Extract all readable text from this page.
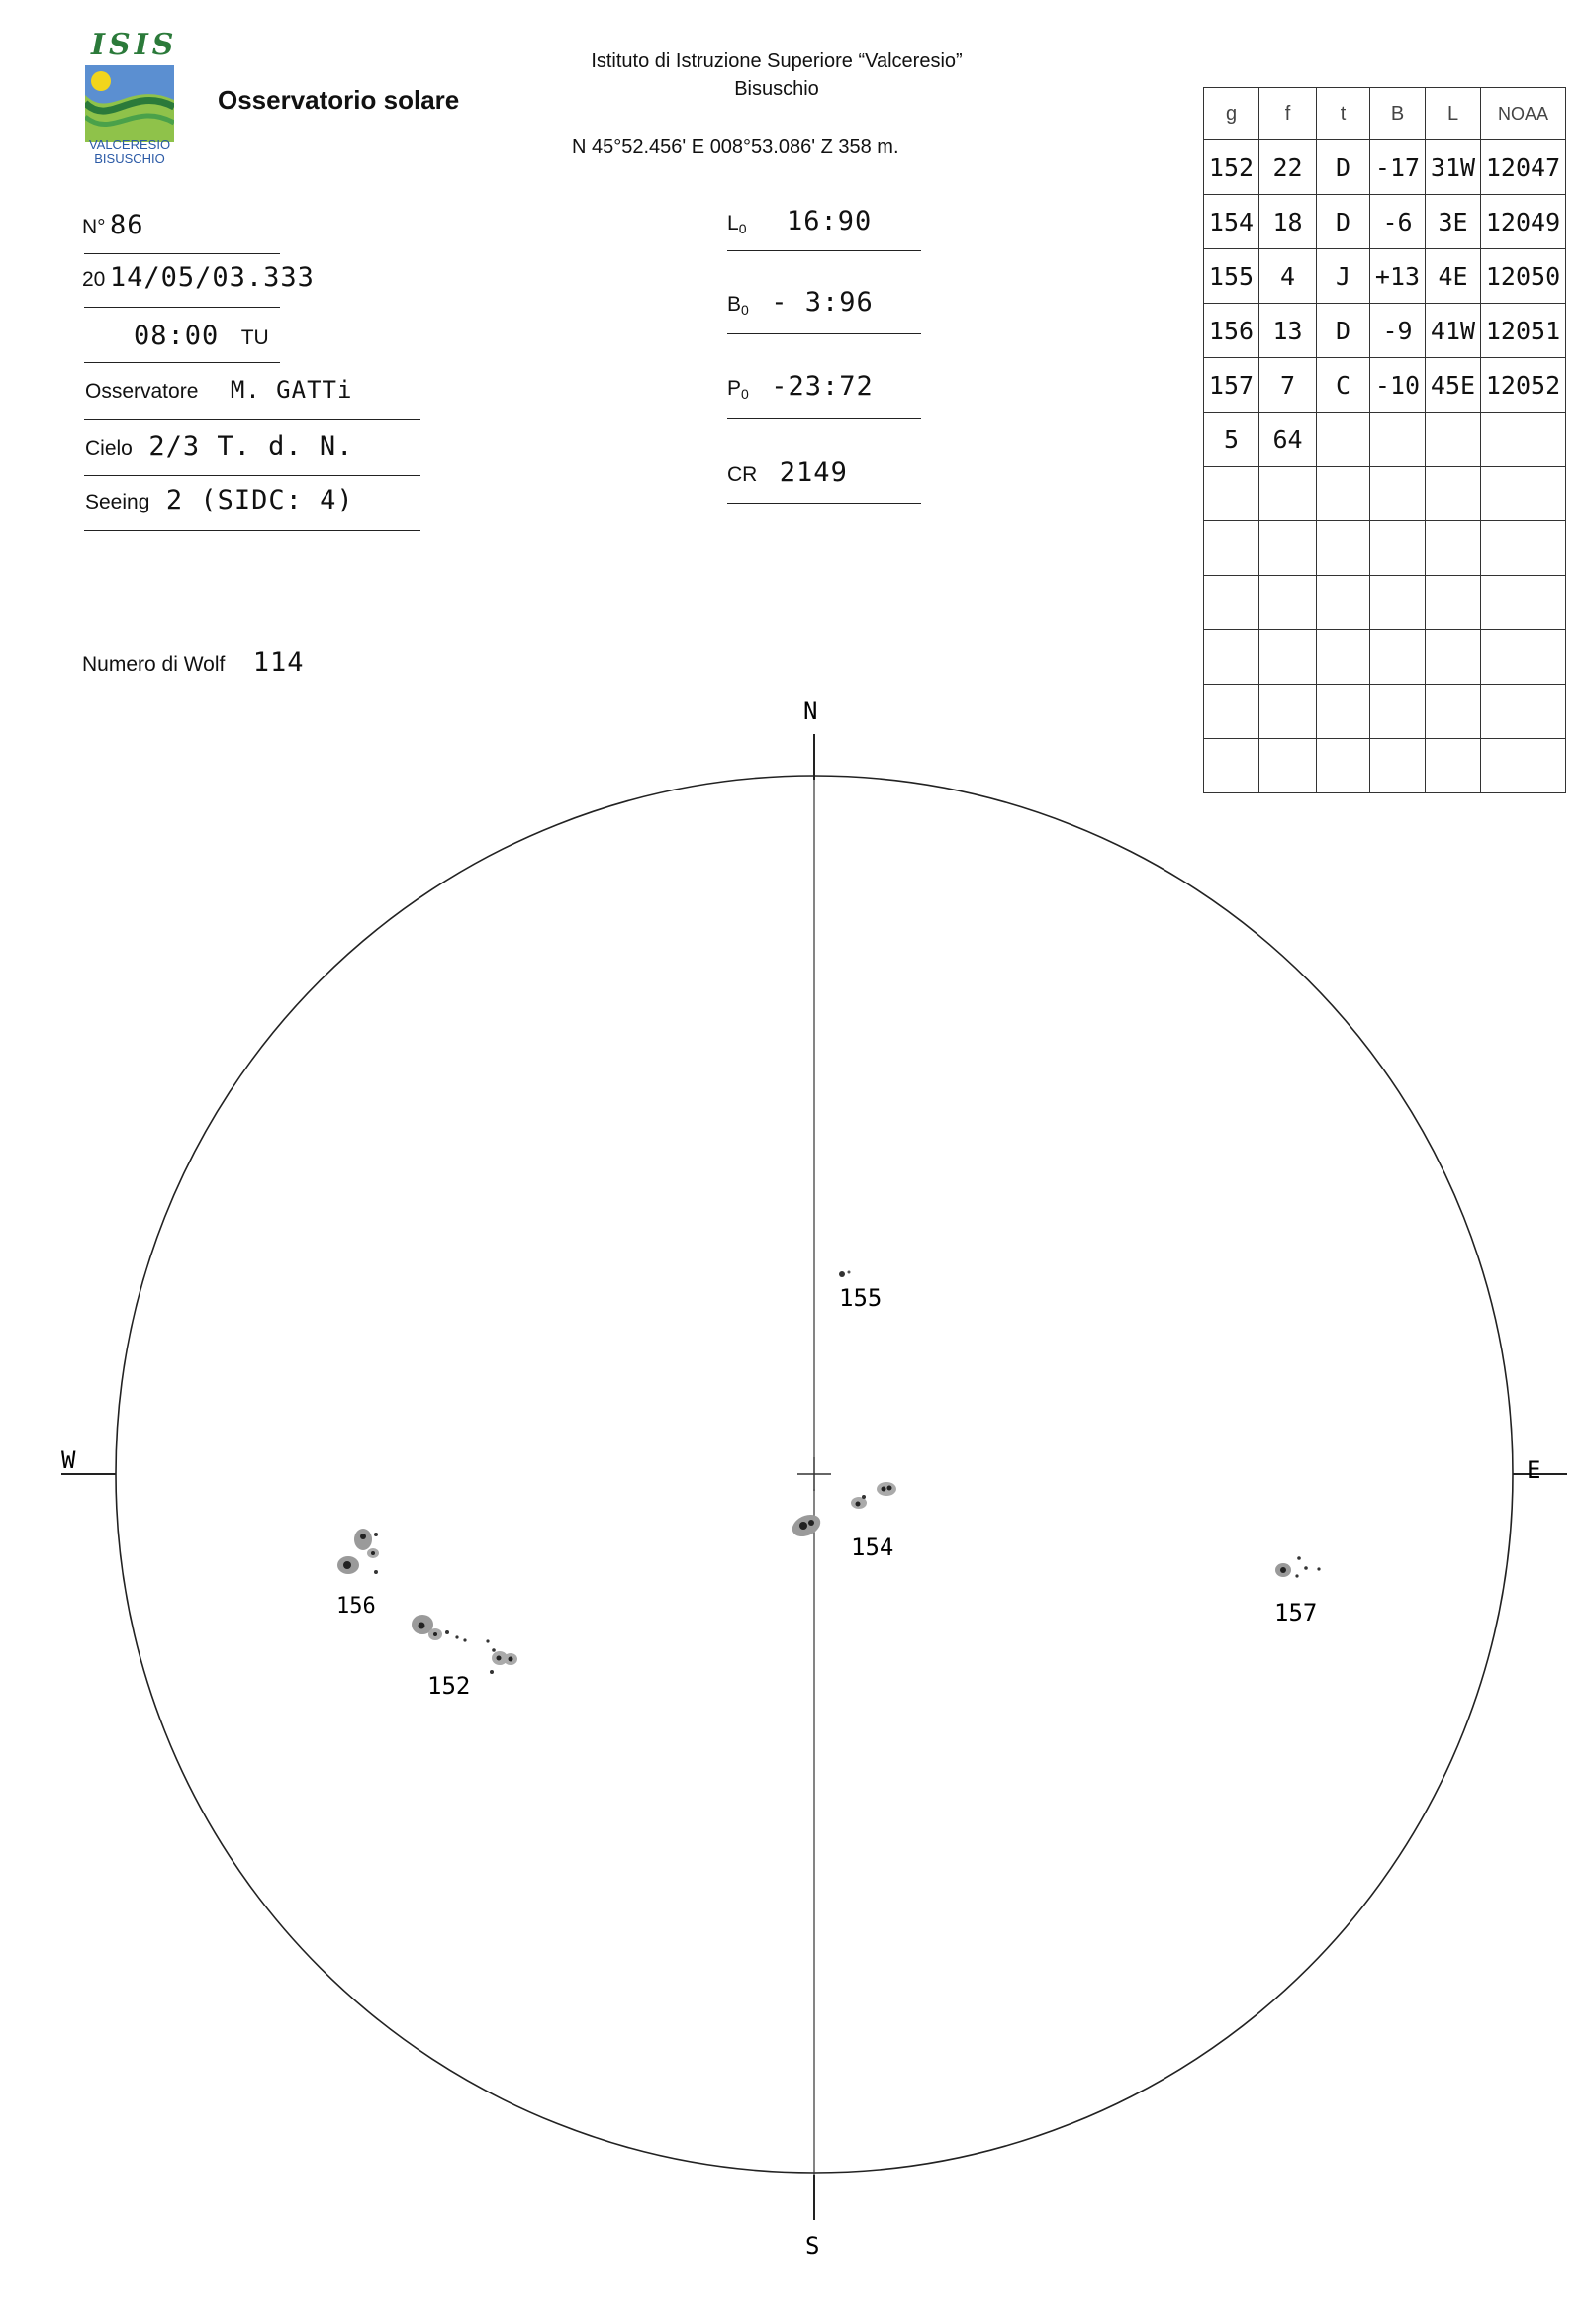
ISIS
VALCERESIO
BISUSCHIO
Osservatorio solare
Istituto di Istruzione Superiore “Valceresio”
Bisuschio
N 45°52.456' E 008°53.086' Z 358 m.
N° 86
20 14/05/03.333
08:00 TU
Osservatore M. GATTi
Cielo 2/3 T. d. N.
Seeing 2 (SIDC: 4)
Numero di Wolf 114
$L_0$ 16:90
$B_0$ - 3:96
$P_0$ -23:72
CR 2149
g	f	t	B	L	NOAA
152	22	D	-17	31W	12047
154	18	D	-6	3E	12049
155	4	J	+13	4E	12050
156	13	D	-9	41W	12051
157	7	C	-10	45E	12052
5	64				

N
S
W	E
155
154
156
152
157
